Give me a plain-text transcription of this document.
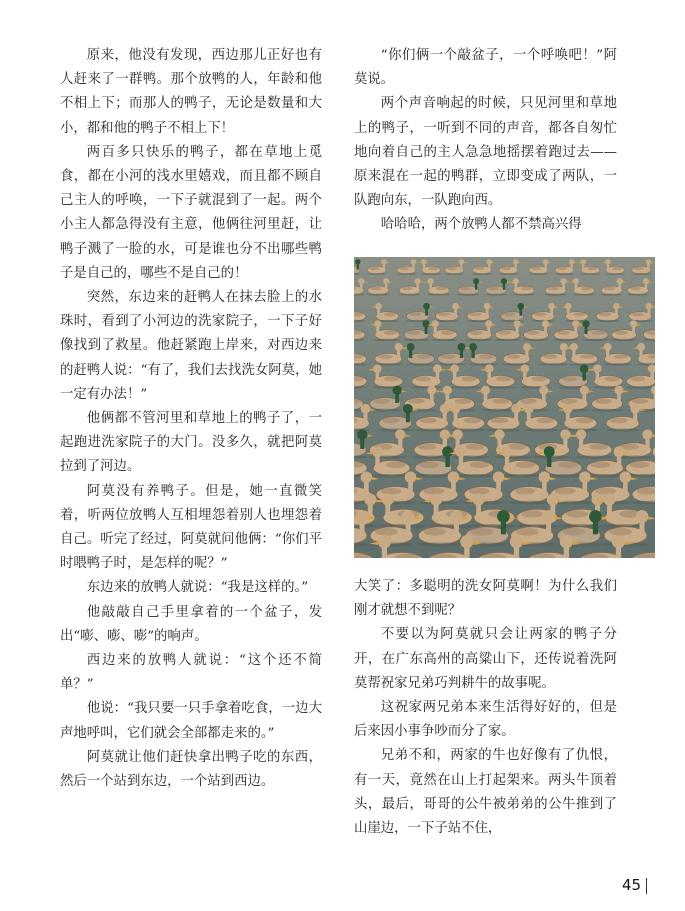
原来，他没有发现，西边那儿正好也有人赶来了一群鸭。那个放鸭的人，年龄和他不相上下；而那人的鸭子，无论是数量和大小，都和他的鸭子不相上下！

两百多只快乐的鸭子，都在草地上觅食，都在小河的浅水里嬉戏，而且都不顾自己主人的呼唤，一下子就混到了一起。两个小主人都急得没有主意，他俩往河里赶，让鸭子溅了一脸的水，可是谁也分不出哪些鸭子是自己的，哪些不是自己的！

突然，东边来的赶鸭人在抹去脸上的水珠时，看到了小河边的洗家院子，一下子好像找到了救星。他赶紧跑上岸来，对西边来的赶鸭人说：“有了，我们去找洗女阿莫，她一定有办法！”

他俩都不管河里和草地上的鸭子了，一起跑进洗家院子的大门。没多久，就把阿莫拉到了河边。

阿莫没有养鸭子。但是，她一直微笑着，听两位放鸭人互相埋怨着别人也埋怨着自己。听完了经过，阿莫就问他俩：“你们平时喂鸭子时，是怎样的呢？”

东边来的放鸭人就说：“我是这样的。”

他敲敲自己手里拿着的一个盆子，发出“嘭、嘭、嘭”的响声。

西边来的放鸭人就说：“这个还不简单？”

他说：“我只要一只手拿着吃食，一边大声地呼叫，它们就会全部都走来的。”

阿莫就让他们赶快拿出鸭子吃的东西，然后一个站到东边，一个站到西边。

“你们俩一个敲盆子，一个呼唤吧！”阿莫说。

两个声音响起的时候，只见河里和草地上的鸭子，一听到不同的声音，都各自匆忙地向着自己的主人急急地摇摆着跑过去——原来混在一起的鸭群，立即变成了两队，一队跑向东，一队跑向西。

哈哈哈，两个放鸭人都不禁高兴得

大笑了：多聪明的洗女阿莫啊！为什么我们刚才就想不到呢？

不要以为阿莫就只会让两家的鸭子分开，在广东高州的高粱山下，还传说着洗阿莫帮祝家兄弟巧判耕牛的故事呢。

这祝家两兄弟本来生活得好好的，但是后来因小事争吵而分了家。

兄弟不和，两家的牛也好像有了仇恨，有一天，竟然在山上打起架来。两头牛顶着头，最后，哥哥的公牛被弟弟的公牛推到了山崖边，一下子站不住，

45
